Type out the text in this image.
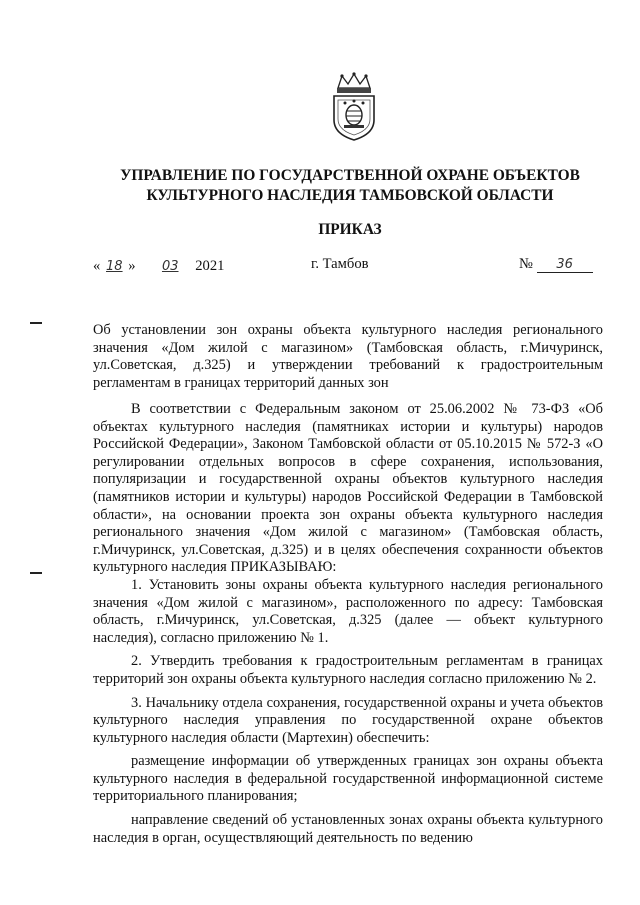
УПРАВЛЕНИЕ ПО ГОСУДАРСТВЕННОЙ ОХРАНЕ ОБЪЕКТОВ
КУЛЬТУРНОГО НАСЛЕДИЯ ТАМБОВСКОЙ ОБЛАСТИ
ПРИКАЗ
« 18 » 03 2021	г. Тамбов	№ 36
Об установлении зон охраны объекта культурного наследия регионального значения «Дом жилой с магазином» (Тамбовская область, г.Мичуринск, ул.Советская, д.325) и утверждении требований к градостроительным регламентам в границах территорий данных зон

В соответствии с Федеральным законом от 25.06.2002 № 73-ФЗ «Об объектах культурного наследия (памятниках истории и культуры) народов Российской Федерации», Законом Тамбовской области от 05.10.2015 № 572-З «О регулировании отдельных вопросов в сфере сохранения, использования, популяризации и государственной охраны объектов культурного наследия (памятников истории и культуры) народов Российской Федерации в Тамбовской области», на основании проекта зон охраны объекта культурного наследия регионального значения «Дом жилой с магазином» (Тамбовская область, г.Мичуринск, ул.Советская, д.325) и в целях обеспечения сохранности объектов культурного наследия ПРИКАЗЫВАЮ:

1. Установить зоны охраны объекта культурного наследия регионального значения «Дом жилой с магазином», расположенного по адресу: Тамбовская область, г.Мичуринск, ул.Советская, д.325 (далее — объект культурного наследия), согласно приложению № 1.

2. Утвердить требования к градостроительным регламентам в границах территорий зон охраны объекта культурного наследия согласно приложению № 2.

3. Начальнику отдела сохранения, государственной охраны и учета объектов культурного наследия управления по государственной охране объектов культурного наследия области (Мартехин) обеспечить:

размещение информации об утвержденных границах зон охраны объекта культурного наследия в федеральной государственной информационной системе территориального планирования;

направление сведений об установленных зонах охраны объекта культурного наследия в орган, осуществляющий деятельность по ведению
